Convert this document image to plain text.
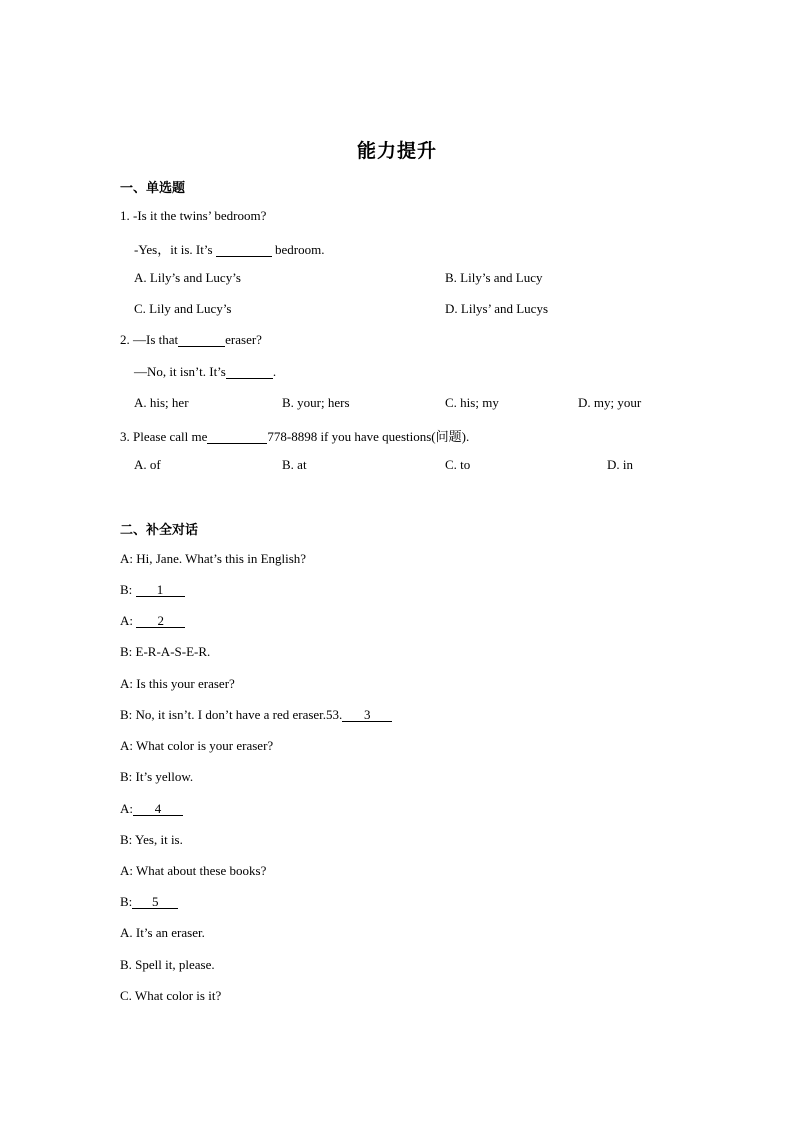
能力提升
一、单选题
1. -Is it the twins’ bedroom?
-Yes，it is. It’s	bedroom.
A. Lily’s and Lucy’s	B. Lily’s and Lucy
C. Lily and Lucy’s	D. Lilys’ and Lucys
2. —Is that	eraser?
—No, it isn’t. It’s	.
A. his; her	B. your; hers	C. his; my	D. my; your
3. Please call me	778-8898 if you have questions(问题).
A. of	B. at	C. to	D. in
二、补全对话
A: Hi, Jane. What’s this in English?
B: 1
A: 2
B: E-R-A-S-E-R.
A: Is this your eraser?
B: No, it isn’t. I don’t have a red eraser.53. 3
A: What color is your eraser?
B: It’s yellow.
A: 4
B: Yes, it is.
A: What about these books?
B: 5
A. It’s an eraser.
B. Spell it, please.
C. What color is it?
